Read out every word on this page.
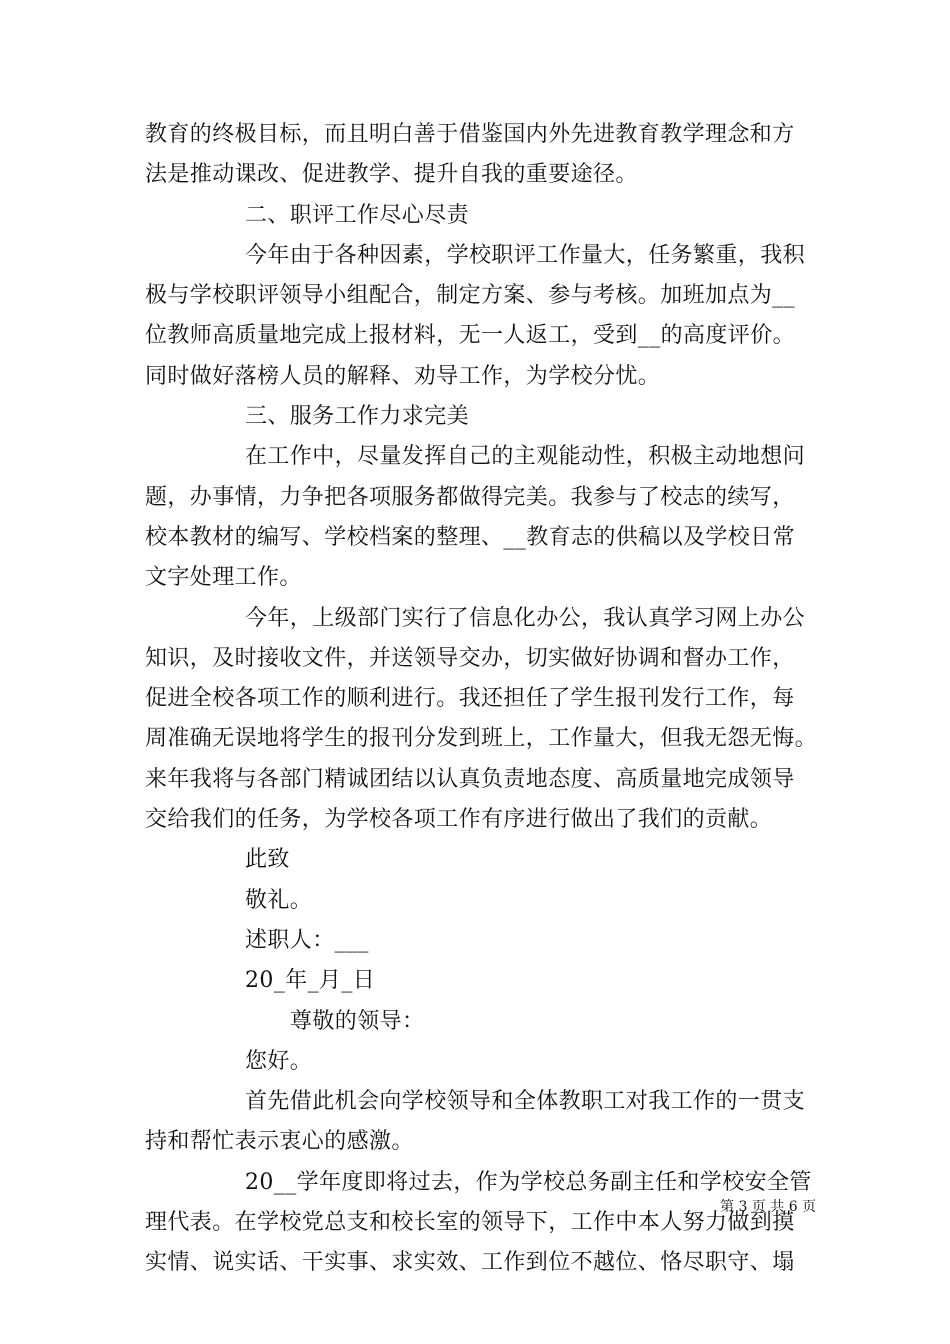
教育的终极目标，而且明白善于借鉴国内外先进教育教学理念和方
法是推动课改、促进教学、提升自我的重要途径。
二、职评工作尽心尽责
今年由于各种因素，学校职评工作量大，任务繁重，我积
极与学校职评领导小组配合，制定方案、参与考核。加班加点为__
位教师高质量地完成上报材料，无一人返工，受到__的高度评价。
同时做好落榜人员的解释、劝导工作，为学校分忧。
三、服务工作力求完美
在工作中，尽量发挥自己的主观能动性，积极主动地想问
题，办事情，力争把各项服务都做得完美。我参与了校志的续写，
校本教材的编写、学校档案的整理、__教育志的供稿以及学校日常
文字处理工作。
今年，上级部门实行了信息化办公，我认真学习网上办公
知识，及时接收文件，并送领导交办，切实做好协调和督办工作，
促进全校各项工作的顺利进行。我还担任了学生报刊发行工作，每
周准确无误地将学生的报刊分发到班上，工作量大，但我无怨无悔。
来年我将与各部门精诚团结以认真负责地态度、高质量地完成领导
交给我们的任务，为学校各项工作有序进行做出了我们的贡献。
此致
敬礼。
述职人：___
20_年_月_日
尊敬的领导：
您好。
首先借此机会向学校领导和全体教职工对我工作的一贯支
持和帮忙表示衷心的感激。
20__学年度即将过去，作为学校总务副主任和学校安全管
理代表。在学校党总支和校长室的领导下，工作中本人努力做到摸
实情、说实话、干实事、求实效、工作到位不越位、恪尽职守、塌
第 3 页 共 6 页
